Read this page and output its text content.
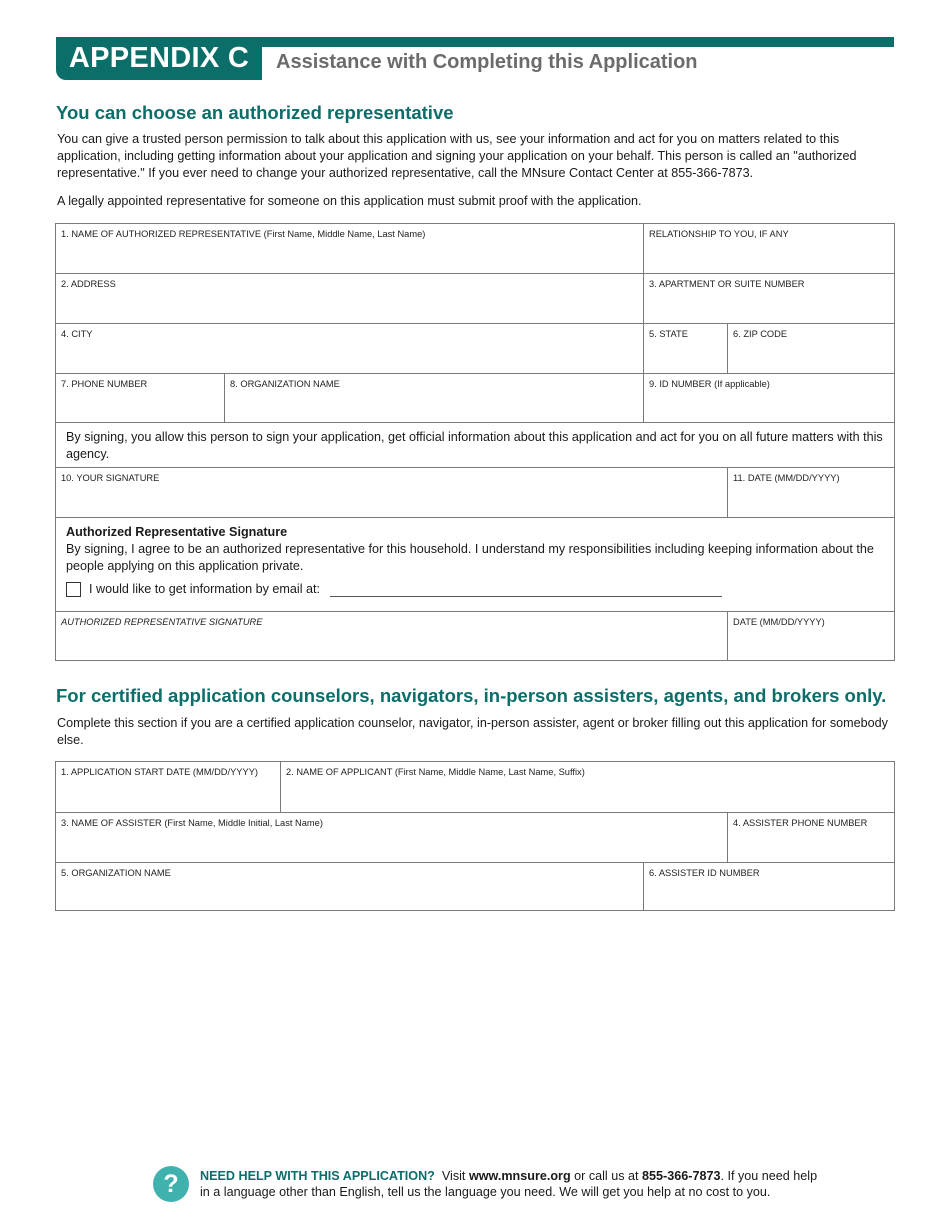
APPENDIX C	Assistance with Completing this Application
You can choose an authorized representative

You can give a trusted person permission to talk about this application with us, see your information and act for you on matters related to this application, including getting information about your application and signing your application on your behalf. This person is called an "authorized representative." If you ever need to change your authorized representative, call the MNsure Contact Center at 855-366-7873.

A legally appointed representative for someone on this application must submit proof with the application.

1. NAME OF AUTHORIZED REPRESENTATIVE (First Name, Middle Name, Last Name)	RELATIONSHIP TO YOU, IF ANY
2. ADDRESS	3. APARTMENT OR SUITE NUMBER
4. CITY	5. STATE	6. ZIP CODE
7. PHONE NUMBER	8. ORGANIZATION NAME	9. ID NUMBER (If applicable)
By signing, you allow this person to sign your application, get official information about this application and act for you on all future matters with this agency.
10. YOUR SIGNATURE	11. DATE (MM/DD/YYYY)
Authorized Representative Signature
By signing, I agree to be an authorized representative for this household. I understand my responsibilities including keeping information about the people applying on this application private.
I would like to get information by email at:
AUTHORIZED REPRESENTATIVE SIGNATURE	DATE (MM/DD/YYYY)
For certified application counselors, navigators, in-person assisters, agents, and brokers only.

Complete this section if you are a certified application counselor, navigator, in-person assister, agent or broker filling out this application for somebody else.

1. APPLICATION START DATE (MM/DD/YYYY)	2. NAME OF APPLICANT (First Name, Middle Name, Last Name, Suffix)
3. NAME OF ASSISTER (First Name, Middle Initial, Last Name)	4. ASSISTER PHONE NUMBER
5. ORGANIZATION NAME	6. ASSISTER ID NUMBER
?	NEED HELP WITH THIS APPLICATION? Visit www.mnsure.org or call us at 855-366-7873. If you need help
in a language other than English, tell us the language you need. We will get you help at no cost to you.
